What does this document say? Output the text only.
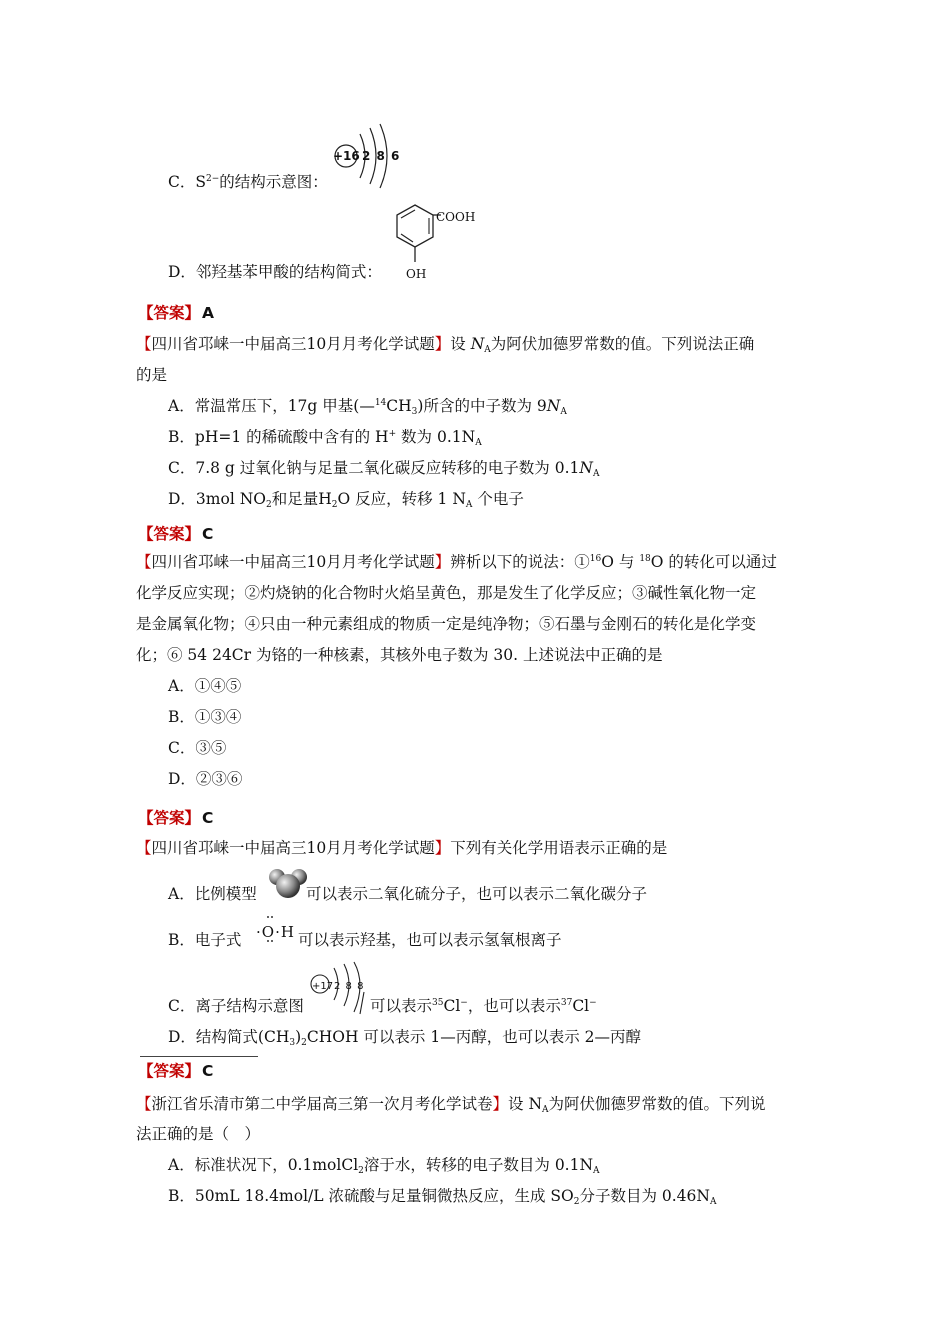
C．$S^{2-}$的结构示意图：
+16 2 8 6
COOH
OH
D．邻羟基苯甲酸的结构简式：
【答案】 A
【四川省邛崃一中届高三10月月考化学试题】设 $N_A$为阿伏加德罗常数的值。下列说法正确
的是
A．常温常压下，17g 甲基$(—^{14}CH_3)$所含的中子数为 $9N_A$
B．pH=1 的稀硫酸中含有的 H+ 数为 $0.1N_A$
C．7.8 g 过氧化钠与足量二氧化碳反应转移的电子数为 $0.1N_A$
D．3mol $NO_2$和足量$H_2O$ 反应，转移 1 $N_A$ 个电子
【答案】 C
【四川省邛崃一中届高三10月月考化学试题】辨析以下的说法：①$^{16}$O 与 $^{18}$O 的转化可以通过
化学反应实现；②灼烧钠的化合物时火焰呈黄色，那是发生了化学反应；③碱性氧化物一定
是金属氧化物；④只由一种元素组成的物质一定是纯净物；⑤石墨与金刚石的转化是化学变
化；⑥ 54 24Cr 为铬的一种核素，其核外电子数为 30. 上述说法中正确的是
A．①④⑤
B．①③④
C．③⑤
D．②③⑥
【答案】 C
【四川省邛崃一中届高三10月月考化学试题】下列有关化学用语表示正确的是
A．比例模型	可以表示二氧化硫分子，也可以表示二氧化碳分子
B．电子式 ·O·H 可以表示羟基，也可以表示氢氧根离子
C．离子结构示意图
+17 2 8 8
可以表示$^{35}$Cl−，也可以表示$^{37}$Cl−
D．结构简式$(CH_3)_2CHOH$ 可以表示 1—丙醇，也可以表示 2—丙醇
【答案】 C
【浙江省乐清市第二中学届高三第一次月考化学试卷】设 $N_A$为阿伏伽德罗常数的值。下列说
法正确的是（　）
A．标准状况下，0.1molCl$_2$溶于水，转移的电子数目为 $0.1N_A$
B．50mL 18.4mol/L 浓硫酸与足量铜微热反应，生成 $SO_2$分子数目为 $0.46N_A$
